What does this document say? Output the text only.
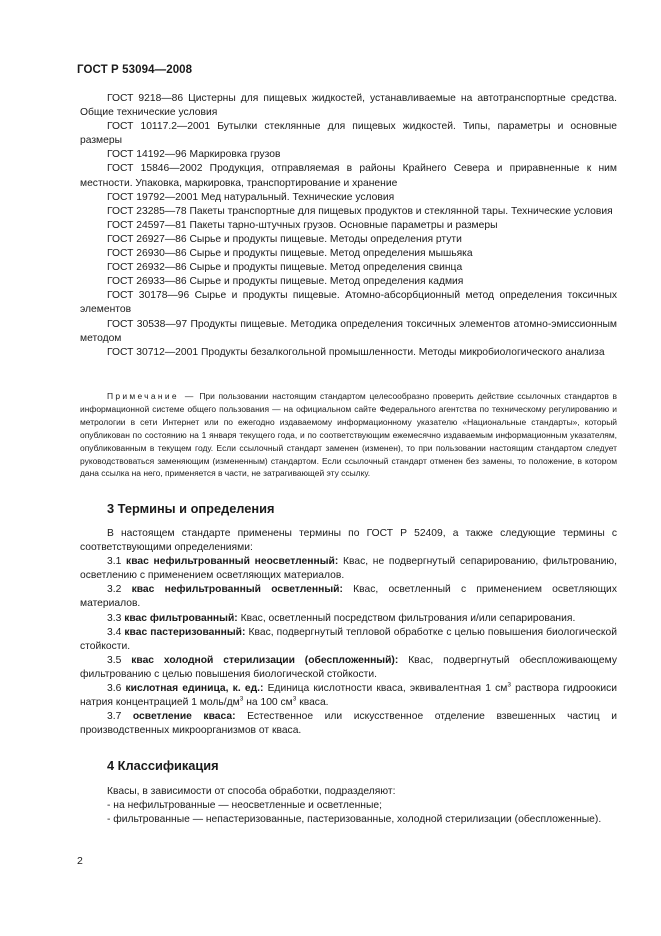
ГОСТ Р 53094—2008

ГОСТ 9218—86 Цистерны для пищевых жидкостей, устанавливаемые на автотранспортные средства. Общие технические условия

ГОСТ 10117.2—2001 Бутылки стеклянные для пищевых жидкостей. Типы, параметры и основные размеры

ГОСТ 14192—96 Маркировка грузов

ГОСТ 15846—2002 Продукция, отправляемая в районы Крайнего Севера и приравненные к ним местности. Упаковка, маркировка, транспортирование и хранение

ГОСТ 19792—2001 Мед натуральный. Технические условия

ГОСТ 23285—78 Пакеты транспортные для пищевых продуктов и стеклянной тары. Технические условия

ГОСТ 24597—81 Пакеты тарно-штучных грузов. Основные параметры и размеры

ГОСТ 26927—86 Сырье и продукты пищевые. Методы определения ртути

ГОСТ 26930—86 Сырье и продукты пищевые. Метод определения мышьяка

ГОСТ 26932—86 Сырье и продукты пищевые. Метод определения свинца

ГОСТ 26933—86 Сырье и продукты пищевые. Метод определения кадмия

ГОСТ 30178—96 Сырье и продукты пищевые. Атомно-абсорбционный метод определения токсичных элементов

ГОСТ 30538—97 Продукты пищевые. Методика определения токсичных элементов атомно-эмиссионным методом

ГОСТ 30712—2001 Продукты безалкогольной промышленности. Методы микробиологического анализа

Примечание — При пользовании настоящим стандартом целесообразно проверить действие ссылочных стандартов в информационной системе общего пользования — на официальном сайте Федерального агентства по техническому регулированию и метрологии в сети Интернет или по ежегодно издаваемому информационному указателю «Национальные стандарты», который опубликован по состоянию на 1 января текущего года, и по соответствующим ежемесячно издаваемым информационным указателям, опубликованным в текущем году. Если ссылочный стандарт заменен (изменен), то при пользовании настоящим стандартом следует руководствоваться заменяющим (измененным) стандартом. Если ссылочный стандарт отменен без замены, то положение, в котором дана ссылка на него, применяется в части, не затрагивающей эту ссылку.

3 Термины и определения

В настоящем стандарте применены термины по ГОСТ Р 52409, а также следующие термины с соответствующими определениями:

3.1 квас нефильтрованный неосветленный: Квас, не подвергнутый сепарированию, фильтрованию, осветлению с применением осветляющих материалов.

3.2 квас нефильтрованный осветленный: Квас, осветленный с применением осветляющих материалов.

3.3 квас фильтрованный: Квас, осветленный посредством фильтрования и/или сепарирования.

3.4 квас пастеризованный: Квас, подвергнутый тепловой обработке с целью повышения биологической стойкости.

3.5 квас холодной стерилизации (обеспложенный): Квас, подвергнутый обеспложивающему фильтрованию с целью повышения биологической стойкости.

3.6 кислотная единица, к. ед.: Единица кислотности кваса, эквивалентная 1 $см^3$ раствора гидроокиси натрия концентрацией 1 моль/$дм^3$ на 100 $см^3$ кваса.

3.7 осветление кваса: Естественное или искусственное отделение взвешенных частиц и производственных микроорганизмов от кваса.

4 Классификация

Квасы, в зависимости от способа обработки, подразделяют:

- на нефильтрованные — неосветленные и осветленные;

- фильтрованные — непастеризованные, пастеризованные, холодной стерилизации (обеспложенные).

2
